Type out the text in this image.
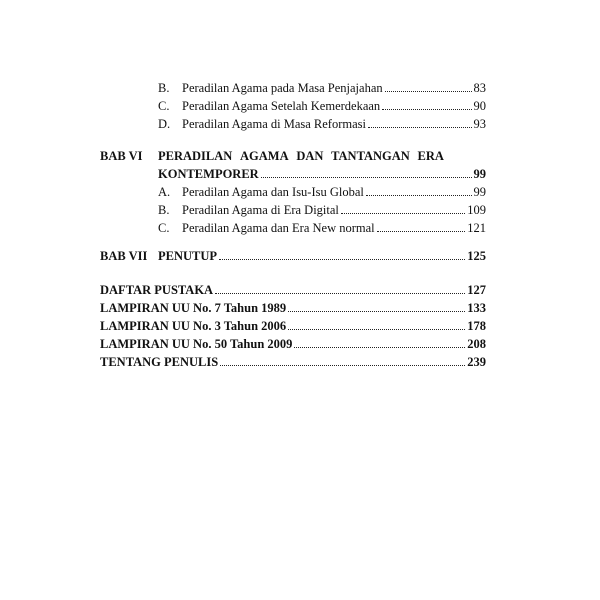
B.	Peradilan Agama pada Masa Penjajahan	83
C.	Peradilan Agama Setelah Kemerdekaan	90
D. Peradilan Agama di Masa Reformasi	93
BAB VI PERADILAN AGAMA DAN TANTANGAN ERA
KONTEMPORER	99
A. Peradilan Agama dan Isu-Isu Global	99
B.	Peradilan Agama di Era Digital	109
C.	Peradilan Agama dan Era New normal	121
BAB VII PENUTUP	125
DAFTAR PUSTAKA	127
LAMPIRAN UU No. 7 Tahun 1989	133
LAMPIRAN UU No. 3 Tahun 2006	178
LAMPIRAN UU No. 50 Tahun 2009	208
TENTANG PENULIS	239
